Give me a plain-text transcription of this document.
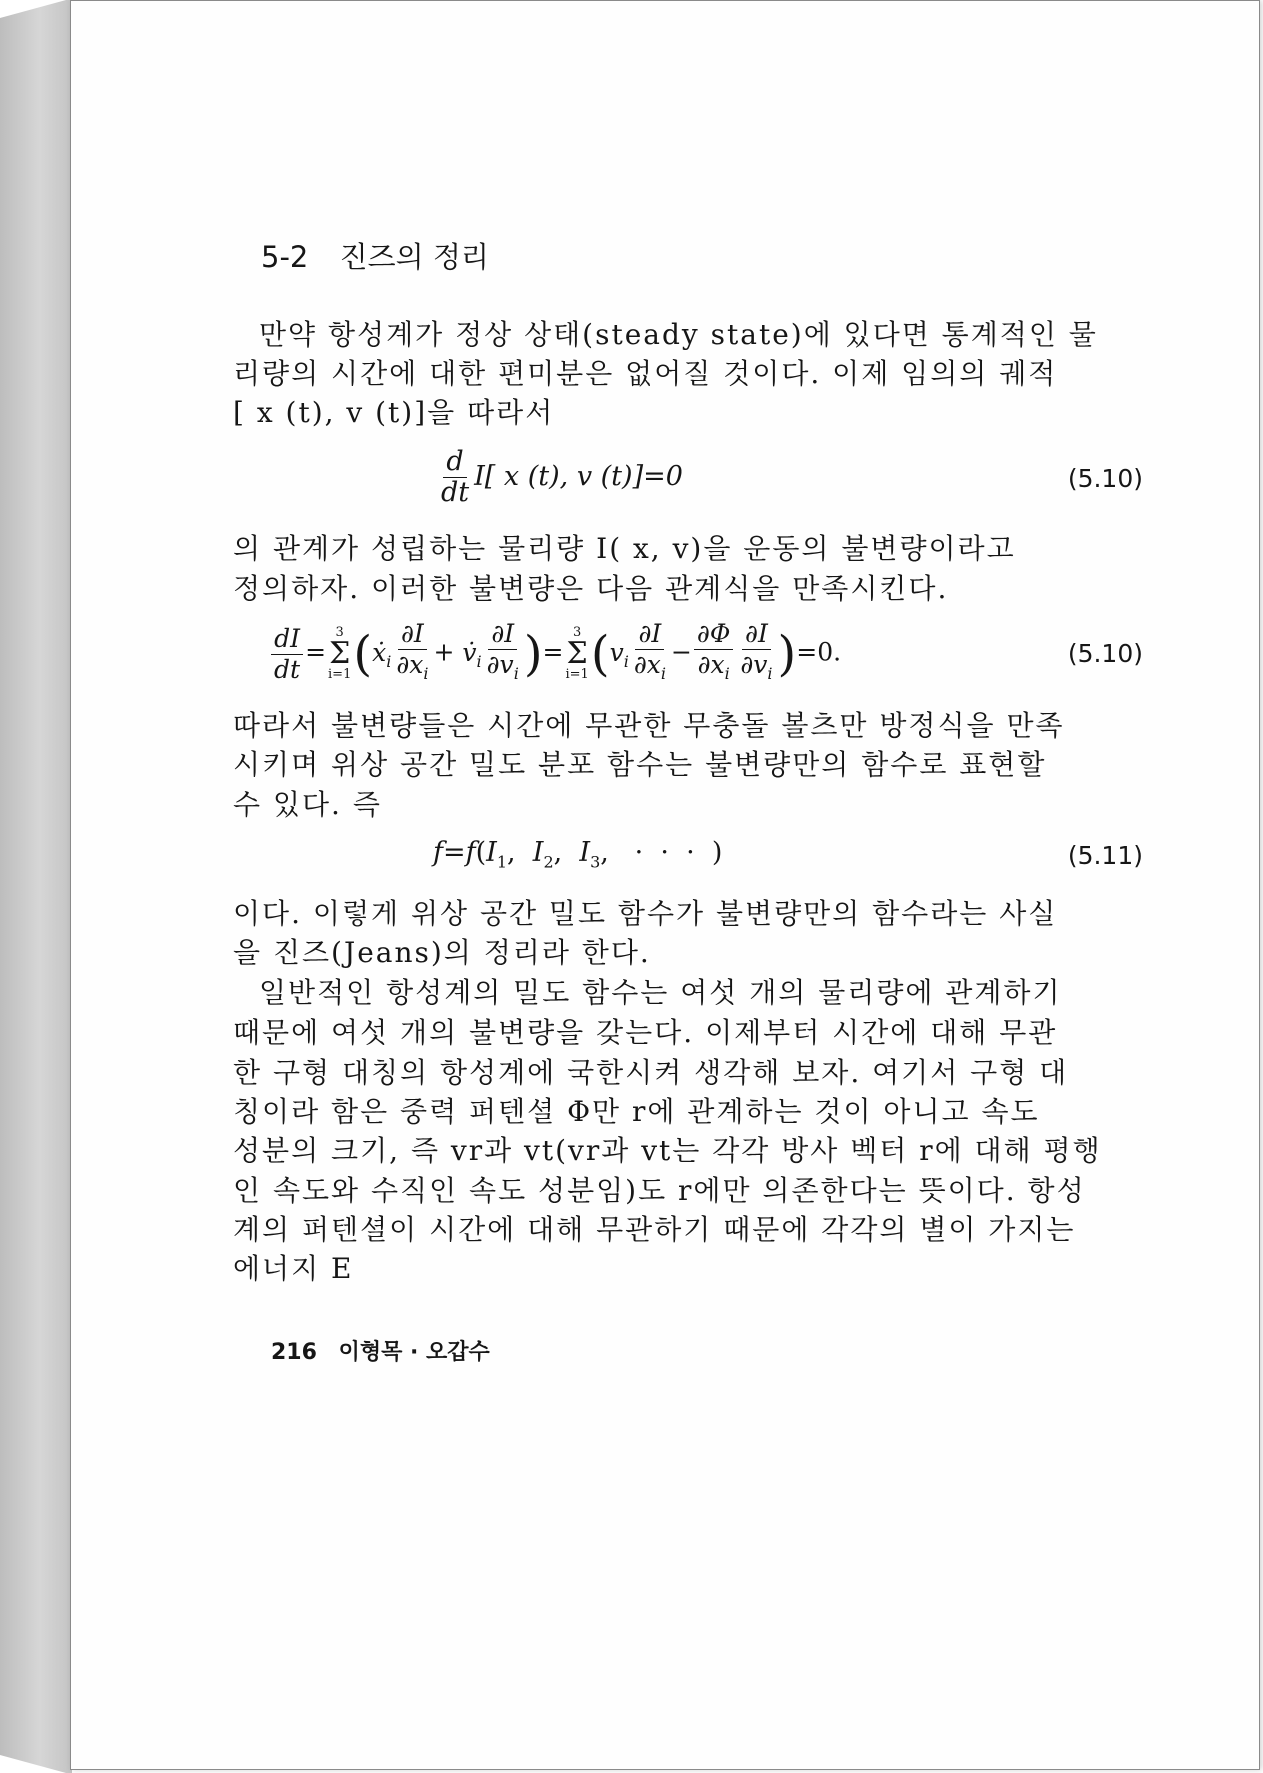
5-2 진즈의 정리
만약 항성계가 정상 상태(steady state)에 있다면 통계적인 물
리량의 시간에 대한 편미분은 없어질 것이다. 이제 임의의 궤적
[ x (t), v (t)]을 따라서
$\frac{d}{dt} I$[ x (t), v (t)]=0	(5.10)
의 관계가 성립하는 물리량 I( x, v)을 운동의 불변량이라고
정의하자. 이러한 불변량은 다음 관계식을 만족시킨다.
$\frac{dI}{dt}$ =
3
Σ
i=1 (ẋ$_i$ $\frac{\partial I}{\partial x_i}$ + $v̇_i \frac{\partial I}{\partial v_i}$ )=
3
Σ
i=1 $(v_i \frac{\partial I}{\partial x_i} - \frac{\partial\Phi}{\partial x_i} \frac{\partial I}{\partial v_i} )=0$.	(5.10)
따라서 불변량들은 시간에 무관한 무충돌 볼츠만 방정식을 만족
시키며 위상 공간 밀도 분포 함수는 불변량만의 함수로 표현할
수 있다. 즉
$f=f(I_1$,  $I_2$,  $I_3$,   ·  ·  ·  )	(5.11)
이다. 이렇게 위상 공간 밀도 함수가 불변량만의 함수라는 사실
을 진즈(Jeans)의 정리라 한다.
일반적인 항성계의 밀도 함수는 여섯 개의 물리량에 관계하기
때문에 여섯 개의 불변량을 갖는다. 이제부터 시간에 대해 무관
한 구형 대칭의 항성계에 국한시켜 생각해 보자. 여기서 구형 대
칭이라 함은 중력 퍼텐셜 Φ만 r에 관계하는 것이 아니고 속도
성분의 크기, 즉 vr과 vt(vr과 vt는 각각 방사 벡터 r에 대해 평행
인 속도와 수직인 속도 성분임)도 r에만 의존한다는 뜻이다. 항성
계의 퍼텐셜이 시간에 대해 무관하기 때문에 각각의 별이 가지는
에너지 E
216 이형목 · 오갑수
